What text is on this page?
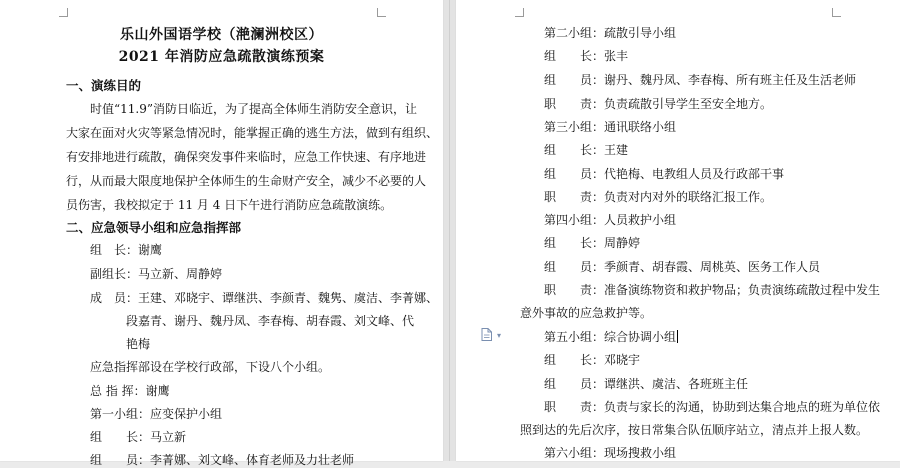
乐山外国语学校（滟澜洲校区）
2021 年消防应急疏散演练预案
一、演练目的
时值“11.9”消防日临近，为了提高全体师生消防安全意识，让
大家在面对火灾等紧急情况时，能掌握正确的逃生方法，做到有组织、
有安排地进行疏散，确保突发事件来临时，应急工作快速、有序地进
行，从而最大限度地保护全体师生的生命财产安全，减少不必要的人
员伤害，我校拟定于 11 月 4 日下午进行消防应急疏散演练。
二、应急领导小组和应急指挥部
组　长： 谢鹰
副组长： 马立新、周静婷
成　员： 王建、邓晓宇、谭继洪、李颜青、魏隽、虞洁、李菁娜、
段嘉青、谢丹、魏丹凤、李春梅、胡春霞、刘文峰、代
艳梅
应急指挥部设在学校行政部，下设八个小组。
总 指 挥： 谢鹰
第一小组：应变保护小组
组　　长： 马立新
组　　员： 李菁娜、刘文峰、体育老师及力壮老师
第二小组：疏散引导小组
组　　长： 张丰
组　　员： 谢丹、魏丹凤、李春梅、所有班主任及生活老师
职　　责： 负责疏散引导学生至安全地方。
第三小组：通讯联络小组
组　　长： 王建
组　　员： 代艳梅、电教组人员及行政部干事
职　　责： 负责对内对外的联络汇报工作。
第四小组：人员救护小组
组　　长： 周静婷
组　　员： 季颜青、胡春霞、周桃英、医务工作人员
职　　责： 准备演练物资和救护物品；负责演练疏散过程中发生
意外事故的应急救护等。
第五小组：综合协调小组
组　　长： 邓晓宇
组　　员： 谭继洪、虞洁、各班班主任
职　　责： 负责与家长的沟通，协助到达集合地点的班为单位依
照到达的先后次序，按日常集合队伍顺序站立，清点并上报人数。
第六小组：现场搜救小组
▾
